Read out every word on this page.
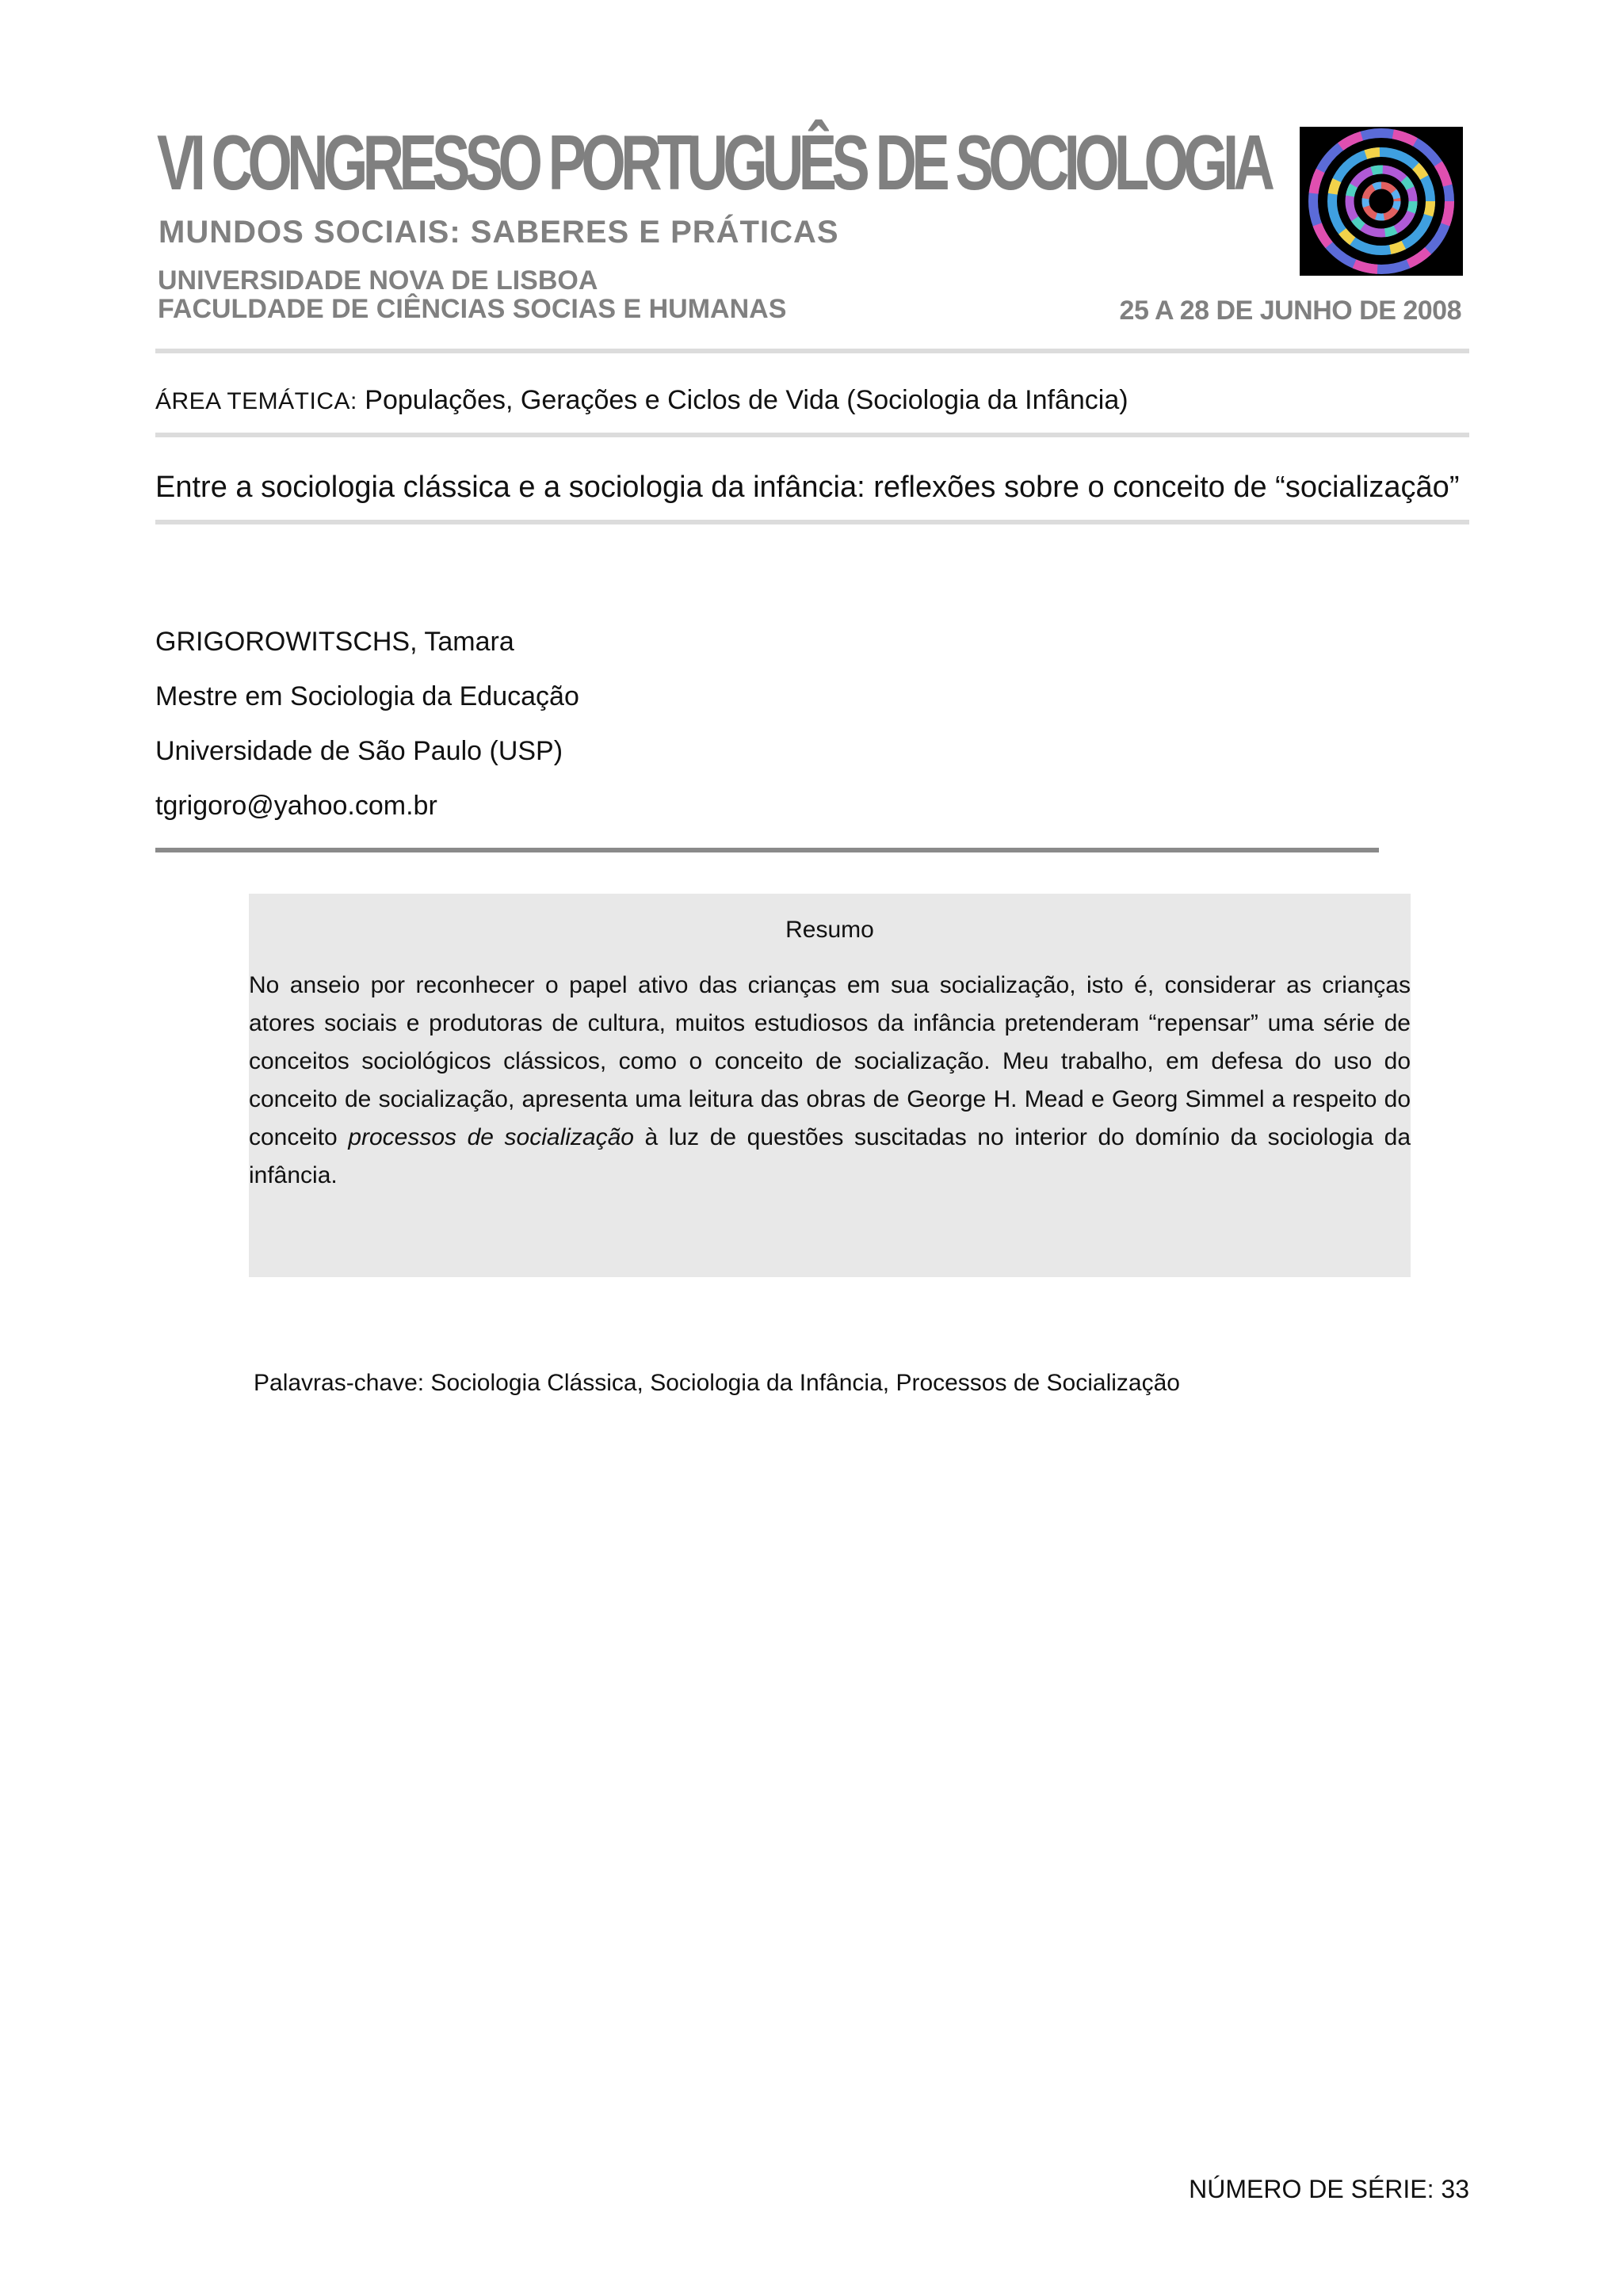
VI CONGRESSO PORTUGUÊS DE SOCIOLOGIA
MUNDOS SOCIAIS: SABERES E PRÁTICAS
UNIVERSIDADE NOVA DE LISBOA
FACULDADE DE CIÊNCIAS SOCIAS E HUMANAS	25 A 28 DE JUNHO DE 2008
ÁREA TEMÁTICA: Populações, Gerações e Ciclos de Vida (Sociologia da Infância)
Entre a sociologia clássica e a sociologia da infância: reflexões sobre o conceito de “socialização”
GRIGOROWITSCHS, Tamara
Mestre em Sociologia da Educação
Universidade de São Paulo (USP)
tgrigoro@yahoo.com.br
Resumo

No anseio por reconhecer o papel ativo das crianças em sua socialização, isto é, considerar as crianças atores sociais e produtoras de cultura, muitos estudiosos da infância pretenderam “repensar” uma série de conceitos sociológicos clássicos, como o conceito de socialização. Meu trabalho, em defesa do uso do conceito de socialização, apresenta uma leitura das obras de George H. Mead e Georg Simmel a respeito do conceito processos de socialização à luz de questões suscitadas no interior do domínio da sociologia da infância.

Palavras-chave: Sociologia Clássica, Sociologia da Infância, Processos de Socialização
NÚMERO DE SÉRIE: 33
